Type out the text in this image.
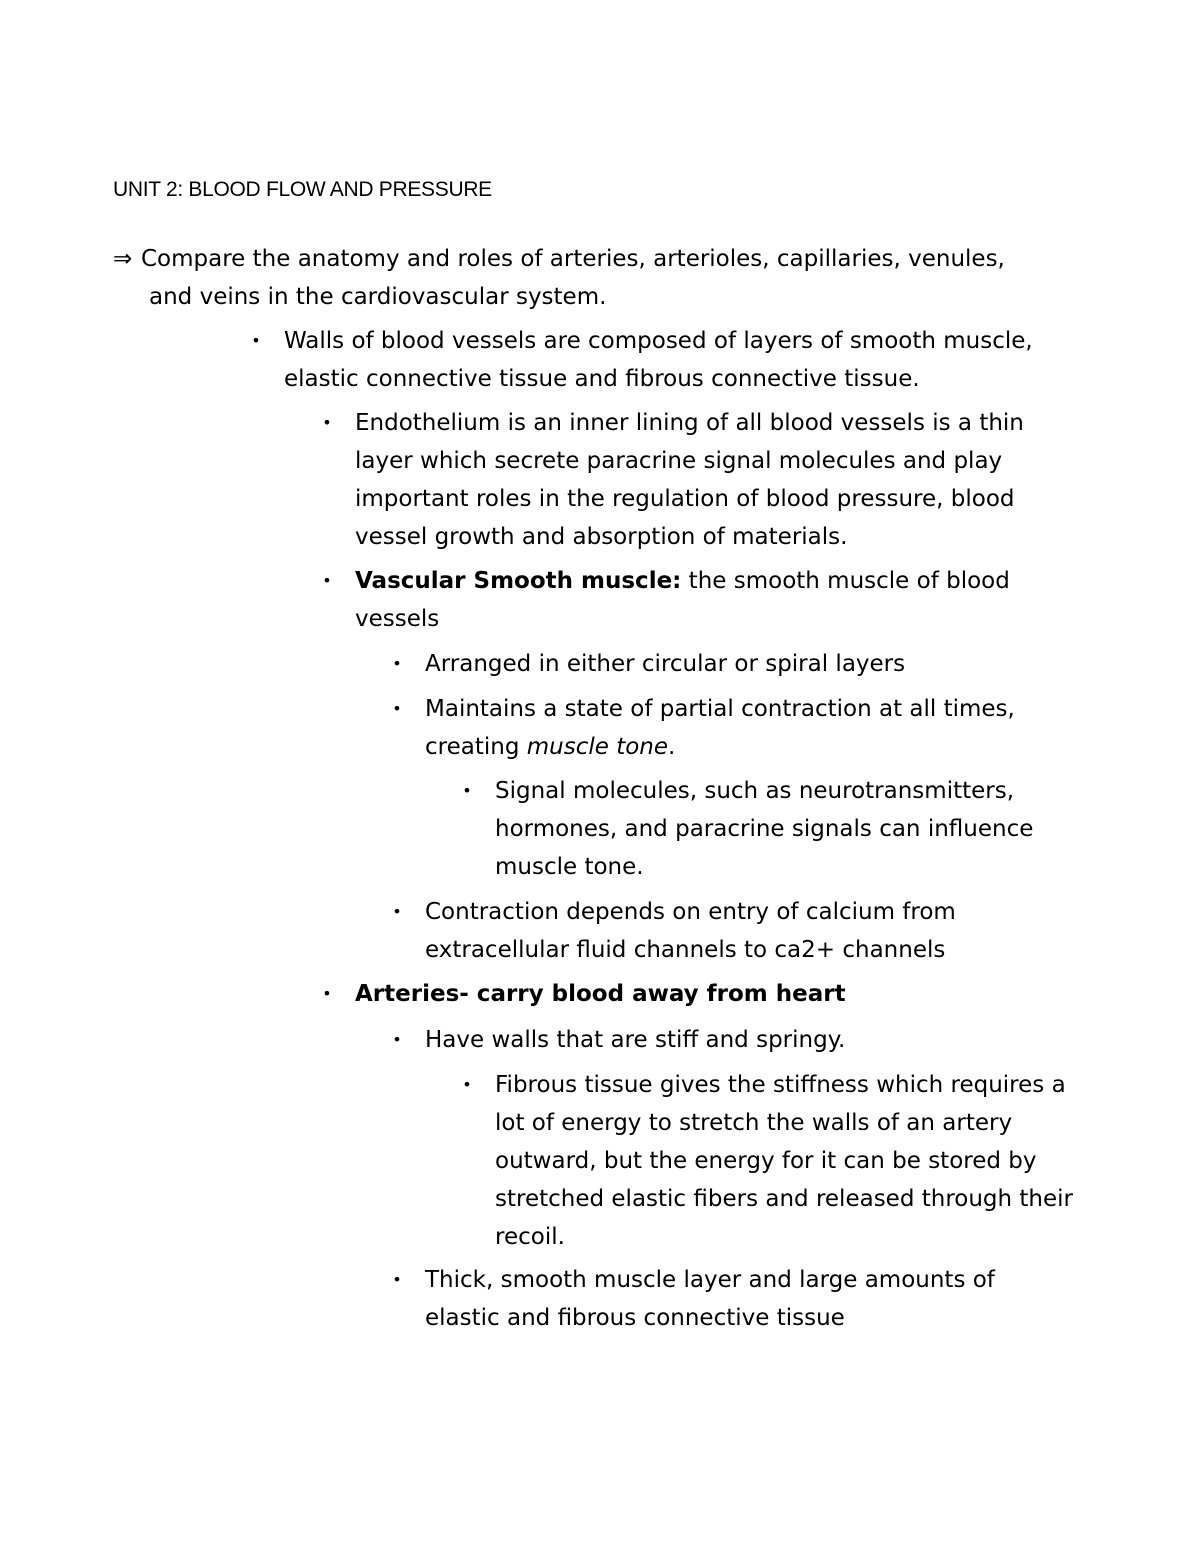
UNIT 2: BLOOD FLOW AND PRESSURE
⇒ Compare the anatomy and roles of arteries, arterioles, capillaries, venules,
and veins in the cardiovascular system.
• Walls of blood vessels are composed of layers of smooth muscle, elastic connective tissue and fibrous connective tissue.
• Endothelium is an inner lining of all blood vessels is a thin layer which secrete paracrine signal molecules and play important roles in the regulation of blood pressure, blood vessel growth and absorption of materials.
• Vascular Smooth muscle: the smooth muscle of blood vessels
• Arranged in either circular or spiral layers
• Maintains a state of partial contraction at all times, creating muscle tone.
• Signal molecules, such as neurotransmitters, hormones, and paracrine signals can influence muscle tone.
• Contraction depends on entry of calcium from extracellular fluid channels to ca2+ channels
• Arteries- carry blood away from heart
• Have walls that are stiff and springy.
• Fibrous tissue gives the stiffness which requires a lot of energy to stretch the walls of an artery outward, but the energy for it can be stored by stretched elastic fibers and released through their recoil.
• Thick, smooth muscle layer and large amounts of elastic and fibrous connective tissue
